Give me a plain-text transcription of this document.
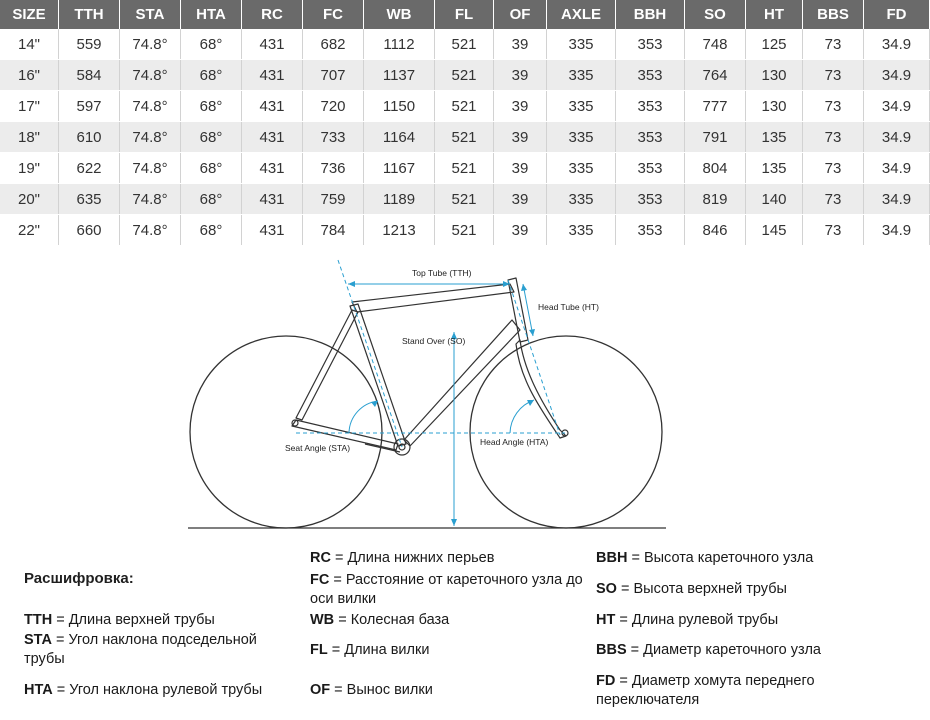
SIZE	TTH	STA	HTA	RC	FC	WB	FL	OF	AXLE	BBH	SO	HT	BBS	FD
14"	559	74.8°	68°	431	682	1112	521	39	335	353	748	125	73	34.9
16"	584	74.8°	68°	431	707	1137	521	39	335	353	764	130	73	34.9
17"	597	74.8°	68°	431	720	1150	521	39	335	353	777	130	73	34.9
18"	610	74.8°	68°	431	733	1164	521	39	335	353	791	135	73	34.9
19"	622	74.8°	68°	431	736	1167	521	39	335	353	804	135	73	34.9
20"	635	74.8°	68°	431	759	1189	521	39	335	353	819	140	73	34.9
22"	660	74.8°	68°	431	784	1213	521	39	335	353	846	145	73	34.9
Top Tube (TTH)
Head Tube (HT)
Stand Over (SO)
Seat Angle (STA)
Head Angle (HTA)
Расшифровка:
TTH = Длина верхней трубы
STA = Угол наклона подседельной трубы
HTA = Угол наклона рулевой трубы
RC = Длина нижних перьев
FC = Расстояние от кареточного узла до оси вилки
WB = Колесная база
FL = Длина вилки
OF = Вынос вилки
BBH = Высота кареточного узла
SO = Высота верхней трубы
HT = Длина рулевой трубы
BBS = Диаметр кареточного узла
FD = Диаметр хомута переднего переключателя
